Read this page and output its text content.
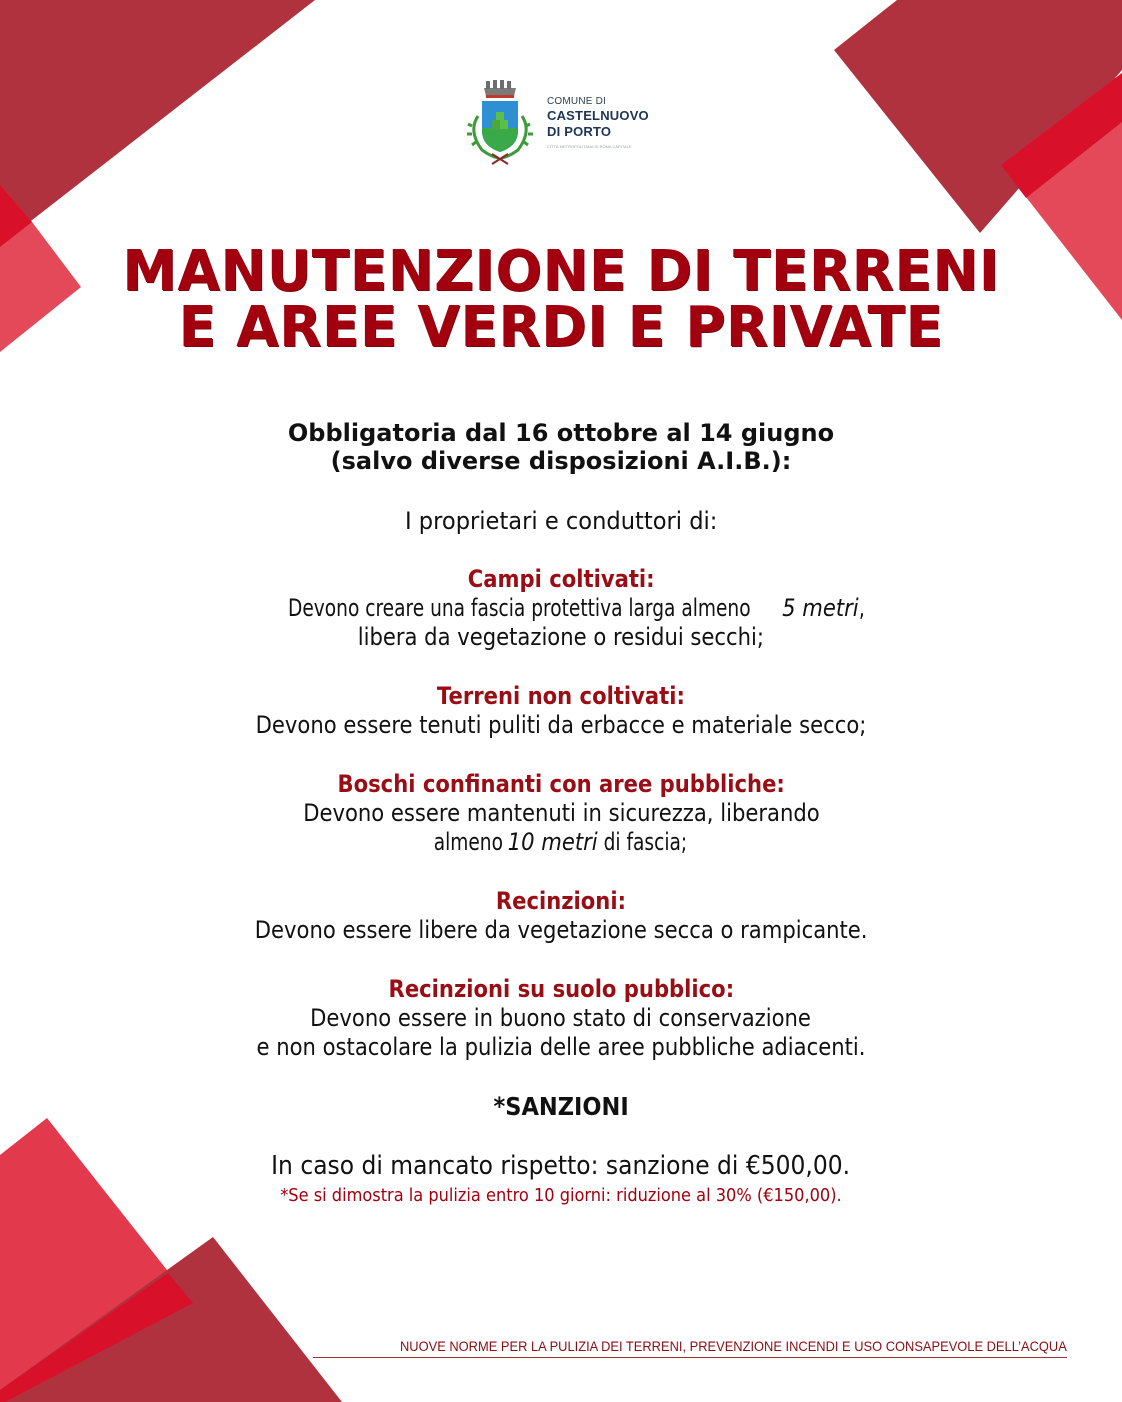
COMUNE DI
CASTELNUOVO
DI PORTO
CITTÀ METROPOLITANA DI ROMA CAPITALE
MANUTENZIONE DI TERRENI
E AREE VERDI E PRIVATE
Obbligatoria dal 16 ottobre al 14 giugno
(salvo diverse disposizioni A.I.B.):
I proprietari e conduttori di:
Campi coltivati:
Devono creare una fascia protettiva larga almeno5 metri,
libera da vegetazione o residui secchi;
Terreni non coltivati:
Devono essere tenuti puliti da erbacce e materiale secco;
Boschi confinanti con aree pubbliche:
Devono essere mantenuti in sicurezza, liberando
almeno10 metridi fascia;
Recinzioni:
Devono essere libere da vegetazione secca o rampicante.
Recinzioni su suolo pubblico:
Devono essere in buono stato di conservazione
e non ostacolare la pulizia delle aree pubbliche adiacenti.
*SANZIONI
In caso di mancato rispetto: sanzione di €500,00.
*Se si dimostra la pulizia entro 10 giorni: riduzione al 30% (€150,00).
NUOVE NORME PER LA PULIZIA DEI TERRENI, PREVENZIONE INCENDI E USO CONSAPEVOLE DELL’ACQUA
